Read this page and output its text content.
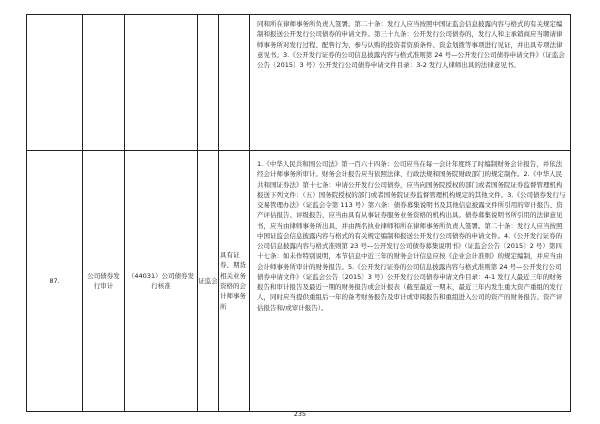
					同和所在律师事务所负责人签署。第二十条：发行人应当按照中国证监会信息披露内容与格式的有关规定编制和报送公开发行公司债券的申请文件。第三十九条：公开发行公司债券的，发行人和主承销商应当聘请律师事务所对发行过程、配售行为、参与认购的投资者资质条件、资金划拨等事项进行见证，并出具专项法律意见书。3.《公开发行证券的公司信息披露内容与格式准则第 24 号—公开发行公司债券申请文件》（证监会公告〔2015〕3 号）公开发行公司债券申请文件目录：3-2 发行人律师出具的法律意见书。
87.	公司债券发行审计	（44031）公司债券发行核准	证监会	具有证券、期货相关业务资格的会计师事务所	1.《中华人民共和国公司法》第一百六十四条：公司应当在每一会计年度终了时编制财务会计报告，并依法经会计师事务所审计。财务会计报告应当依照法律、行政法规和国务院财政部门的规定制作。2.《中华人民共和国证券法》第十七条：申请公开发行公司债券，应当向国务院授权的部门或者国务院证券监督管理机构报送下列文件：（五）国务院授权的部门或者国务院证券监督管理机构规定的其他文件。3.《公司债券发行与交易管理办法》（证监会令第 113 号）第六条：债券募集说明书及其他信息披露文件所引用的审计报告、资产评估报告、评级报告，应当由具有从事证券服务业务资格的机构出具。债券募集说明书所引用的法律意见书，应当由律师事务所出具，并由两名执业律师和所在律师事务所负责人签署。第二十条：发行人应当按照中国证监会信息披露内容与格式的有关规定编制和报送公开发行公司债券的申请文件。4.《公开发行证券的公司信息披露内容与格式准则第 23 号—公开发行公司债券募集说明书》（证监会公告〔2015〕2 号）第四十七条：如未作特别说明，本节信息中近三年的财务会计信息应按《企业会计准则》的规定编制，并应当由会计师事务所审计的财务报告。5.《公开发行证券的公司信息披露内容与格式准则第 24 号—公开发行公司债券申请文件》（证监会公告〔2015〕3 号）公开发行公司债券申请文件目录：4-1 发行人最近三年的财务报告和审计报告及最近一期的财务报告或会计报表（截至最近一期末，最近三年内发生重大资产重组的发行人，同时应当提供重组后一年的备考财务报告及审计或审阅报告和重组进入公司的资产的财务报告、资产评估报告和/或审计报告）。
235
